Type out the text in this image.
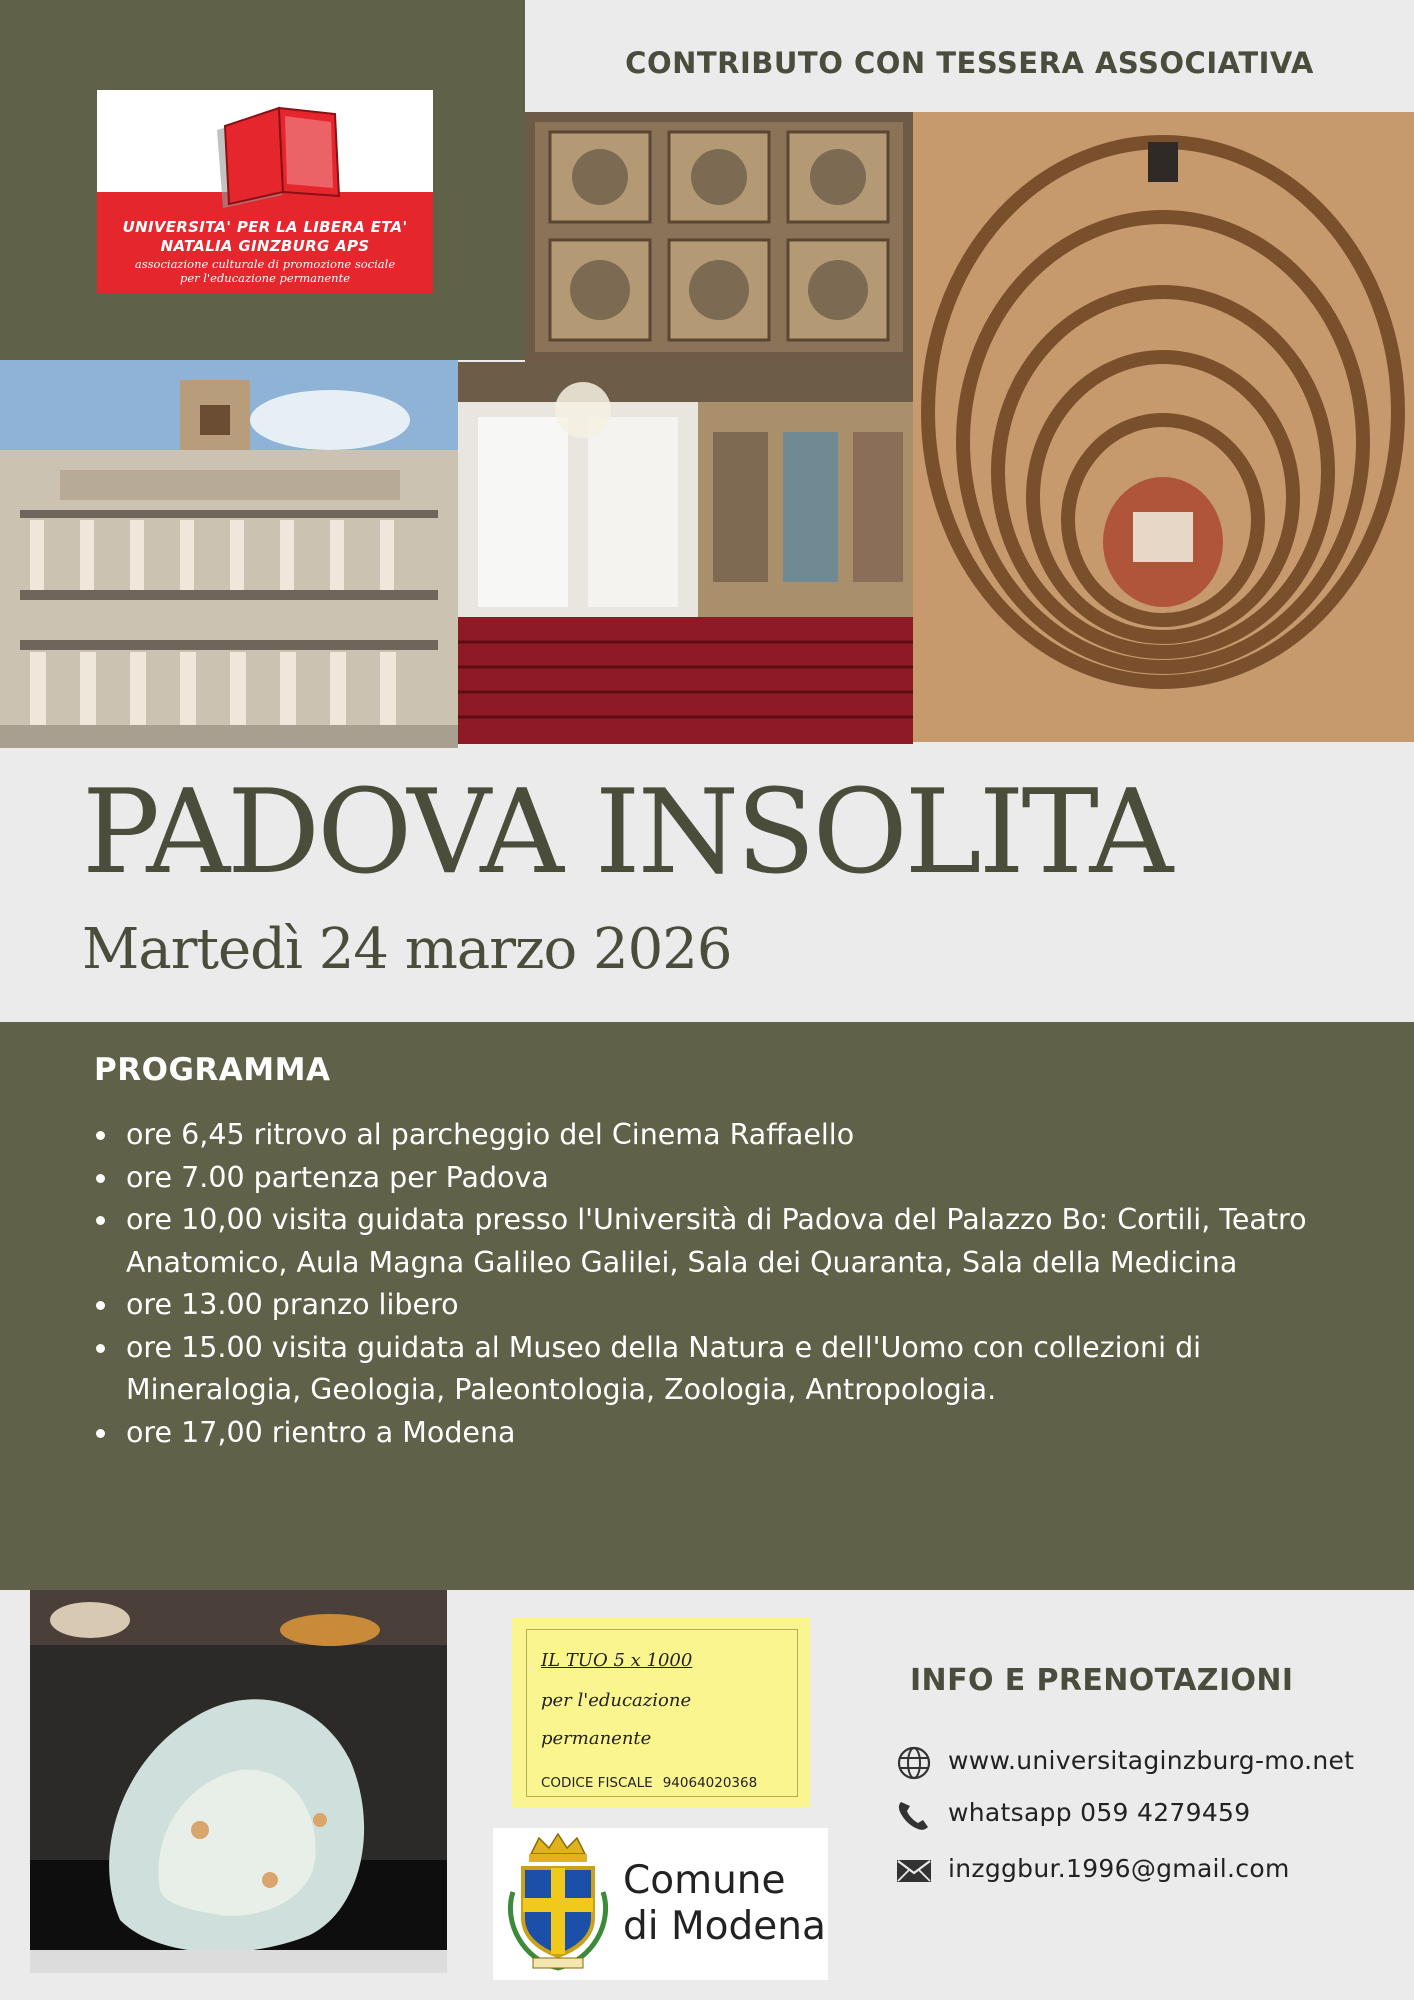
UNIVERSITA' PER LA LIBERA ETA'
NATALIA GINZBURG APS
associazione culturale di promozione sociale
per l'educazione permanente
CONTRIBUTO CON TESSERA ASSOCIATIVA
PADOVA INSOLITA
Martedì 24 marzo 2026
PROGRAMMA
ore 6,45 ritrovo al parcheggio del Cinema Raffaello
ore 7.00 partenza per Padova
ore 10,00 visita guidata presso l'Università di Padova del Palazzo Bo: Cortili, Teatro Anatomico, Aula Magna Galileo Galilei, Sala dei Quaranta, Sala della Medicina
ore 13.00 pranzo libero
ore 15.00 visita guidata al Museo della Natura e dell'Uomo con collezioni di Mineralogia, Geologia, Paleontologia, Zoologia, Antropologia.
ore 17,00 rientro a Modena
IL TUO 5 x 1000
per l'educazione
permanente
CODICE FISCALE 94064020368
Comune
di Modena
INFO E PRENOTAZIONI
www.universitaginzburg-mo.net
whatsapp 059 4279459
inzggbur.1996@gmail.com
